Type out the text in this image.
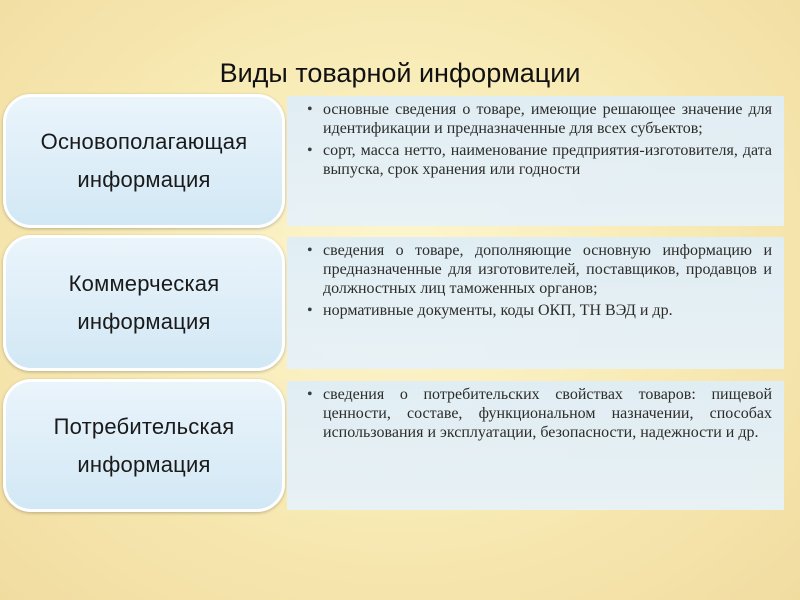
Виды товарной информации
Основополагающая
информация
• основные сведения о товаре, имеющие решающее значение для идентификации и предназначенные для всех субъектов;
• сорт, масса нетто, наименование предприятия-изготовителя, дата выпуска, срок хранения или годности
Коммерческая
информация
• сведения о товаре, дополняющие основную информацию и предназначенные для изготовителей, поставщиков, продавцов и должностных лиц таможенных органов;
• нормативные документы, коды ОКП, ТН ВЭД и др.
Потребительская
информация
• сведения о потребительских свойствах товаров: пищевой ценности, составе, функциональном назначении, способах использования и эксплуатации, безопасности, надежности и др.
